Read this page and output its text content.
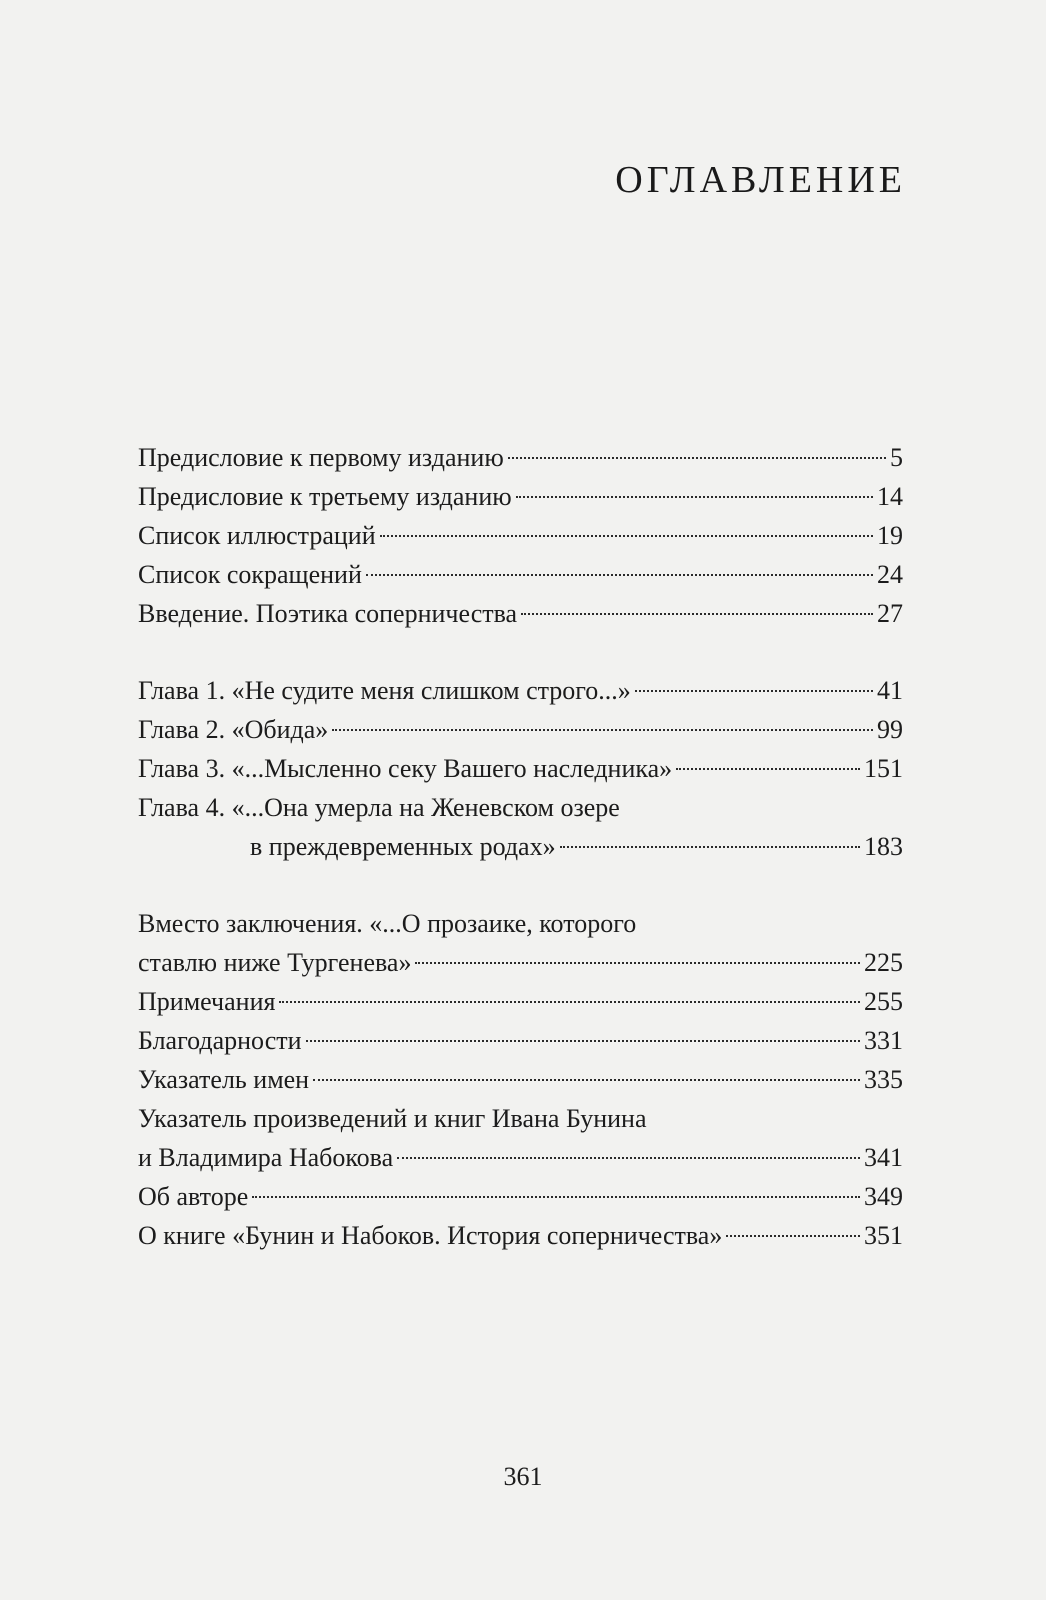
ОГЛАВЛЕНИЕ
Предисловие к первому изданию	5
Предисловие к третьему изданию	14
Список иллюстраций	19
Список сокращений	24
Введение. Поэтика соперничества	27
Глава 1. «Не судите меня слишком строго...»	41
Глава 2. «Обида»	99
Глава 3. «...Мысленно секу Вашего наследника»	151
Глава 4. «...Она умерла на Женевском озере
в преждевременных родах»	183
Вместо заключения. «...О прозаике, которого
ставлю ниже Тургенева»	225
Примечания	255
Благодарности	331
Указатель имен	335
Указатель произведений и книг Ивана Бунина
и Владимира Набокова	341
Об авторе	349
О книге «Бунин и Набоков. История соперничества»	351
361
